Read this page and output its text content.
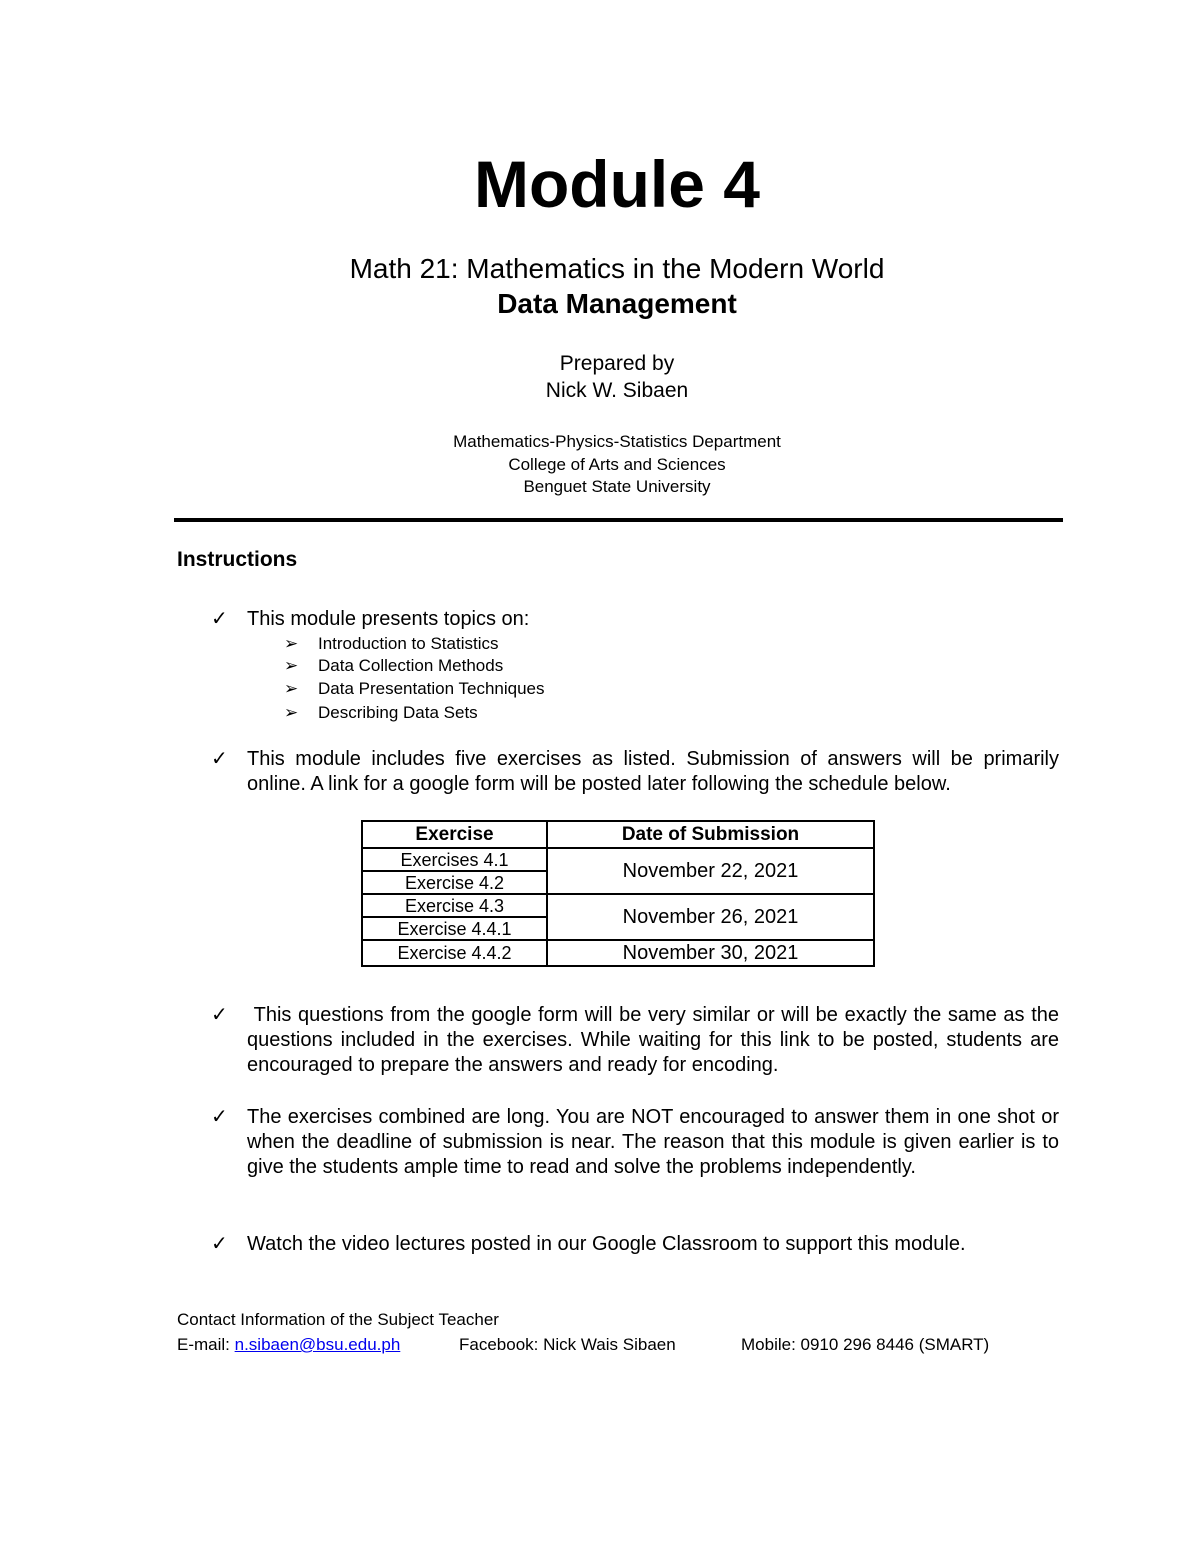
Module 4
Math 21: Mathematics in the Modern World
Data Management
Prepared by
Nick W. Sibaen
Mathematics-Physics-Statistics Department
College of Arts and Sciences
Benguet State University
Instructions
✓ This module presents topics on:
➢ Introduction to Statistics
➢ Data Collection Methods
➢ Data Presentation Techniques
➢ Describing Data Sets
✓ This module includes five exercises as listed. Submission of answers will be primarily online. A link for a google form will be posted later following the schedule below.
Exercise	Date of Submission
Exercises 4.1	November 22, 2021
Exercise 4.2	
Exercise 4.3	November 26, 2021
Exercise 4.4.1	
Exercise 4.4.2	November 30, 2021
✓ This questions from the google form will be very similar or will be exactly the same as the questions included in the exercises. While waiting for this link to be posted, students are encouraged to prepare the answers and ready for encoding.
✓ The exercises combined are long. You are NOT encouraged to answer them in one shot or when the deadline of submission is near. The reason that this module is given earlier is to give the students ample time to read and solve the problems independently.
✓ Watch the video lectures posted in our Google Classroom to support this module.
Contact Information of the Subject Teacher
E-mail: n.sibaen@bsu.edu.ph	Facebook: Nick Wais Sibaen	Mobile: 0910 296 8446 (SMART)
